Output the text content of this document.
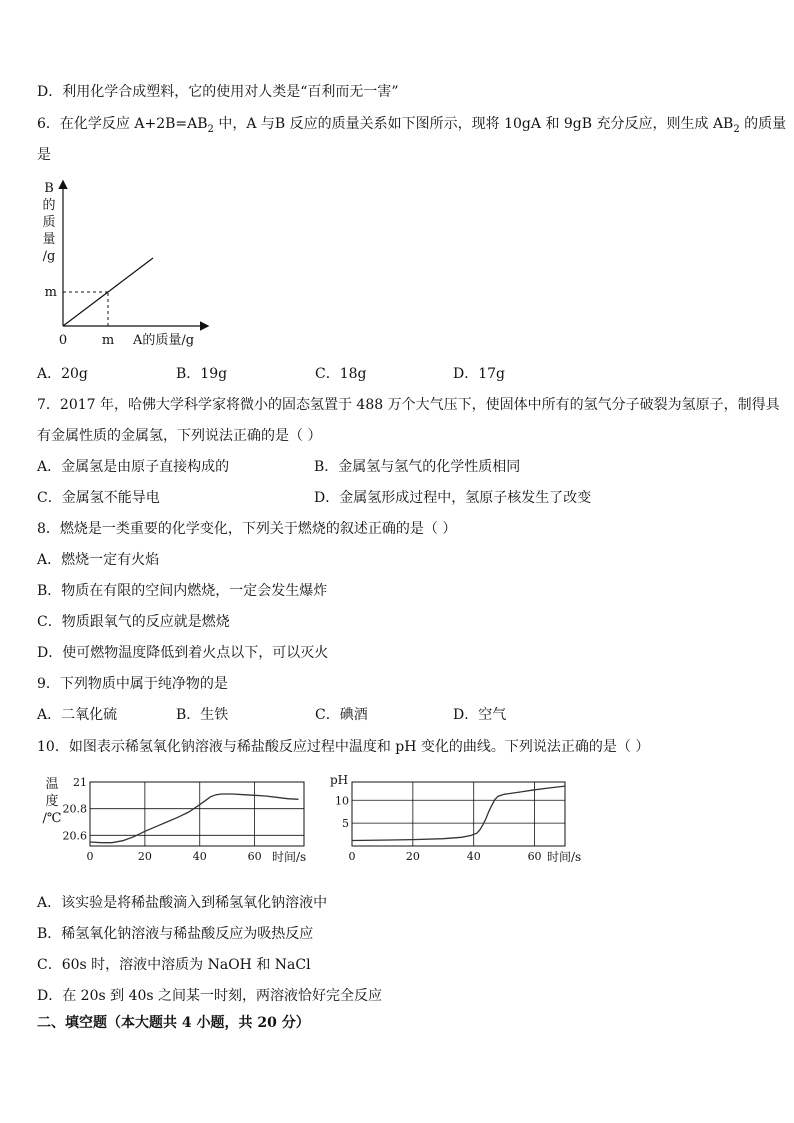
D．利用化学合成塑料，它的使用对人类是“百利而无一害”
6．在化学反应 $A+2B=AB_2$ 中，A 与B 反应的质量关系如下图所示，现将 10gA 和 9gB 充分反应，则生成 $AB_2$ 的质量
是
B
的
质
量
/g
0	m
m
A的质量/g
A．20g	B．19g	C．18g	D．17g
7．2017 年，哈佛大学科学家将微小的固态氢置于 488 万个大气压下，使固体中所有的氢气分子破裂为氢原子，制得具
有金属性质的金属氢，下列说法正确的是（ ）
A．金属氢是由原子直接构成的	B．金属氢与氢气的化学性质相同
C．金属氢不能导电	D．金属氢形成过程中，氢原子核发生了改变
8．燃烧是一类重要的化学变化，下列关于燃烧的叙述正确的是（ ）
A．燃烧一定有火焰
B．物质在有限的空间内燃烧，一定会发生爆炸
C．物质跟氧气的反应就是燃烧
D．使可燃物温度降低到着火点以下，可以灭火
9．下列物质中属于纯净物的是
A．二氧化硫	B．生铁	C．碘酒	D．空气
10．如图表示稀氢氧化钠溶液与稀盐酸反应过程中温度和 pH 变化的曲线。下列说法正确的是（ ）
温
度
/℃
20.6
20.8
21
0	20	40	60 时间/s
pH
5
10
0	20	40	60 时间/s
A．该实验是将稀盐酸滴入到稀氢氧化钠溶液中
B．稀氢氧化钠溶液与稀盐酸反应为吸热反应
C．60s 时，溶液中溶质为 NaOH 和 NaCl
D．在 20s 到 40s 之间某一时刻，两溶液恰好完全反应
二、填空题（本大题共 4 小题，共 20 分）
